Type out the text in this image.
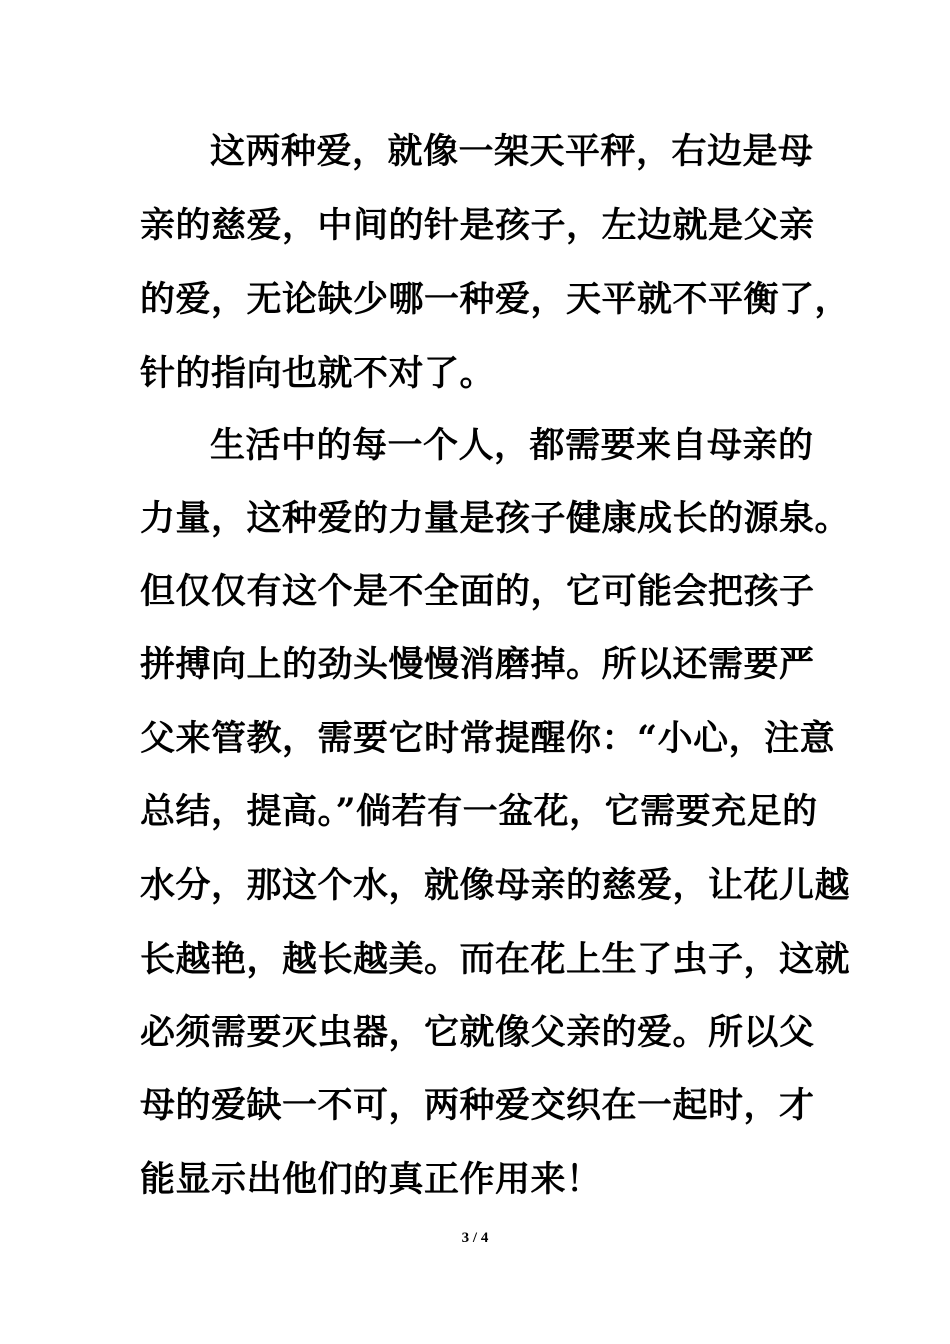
这两种爱，就像一架天平秤，右边是母
亲的慈爱，中间的针是孩子，左边就是父亲
的爱，无论缺少哪一种爱，天平就不平衡了，
针的指向也就不对了。
生活中的每一个人，都需要来自母亲的
力量，这种爱的力量是孩子健康成长的源泉。
但仅仅有这个是不全面的，它可能会把孩子
拼搏向上的劲头慢慢消磨掉。所以还需要严
父来管教，需要它时常提醒你：“小心，注意
总结，提高。”倘若有一盆花，它需要充足的
水分，那这个水，就像母亲的慈爱，让花儿越
长越艳，越长越美。而在花上生了虫子，这就
必须需要灭虫器，它就像父亲的爱。所以父
母的爱缺一不可，两种爱交织在一起时，才
能显示出他们的真正作用来！
3 / 4
